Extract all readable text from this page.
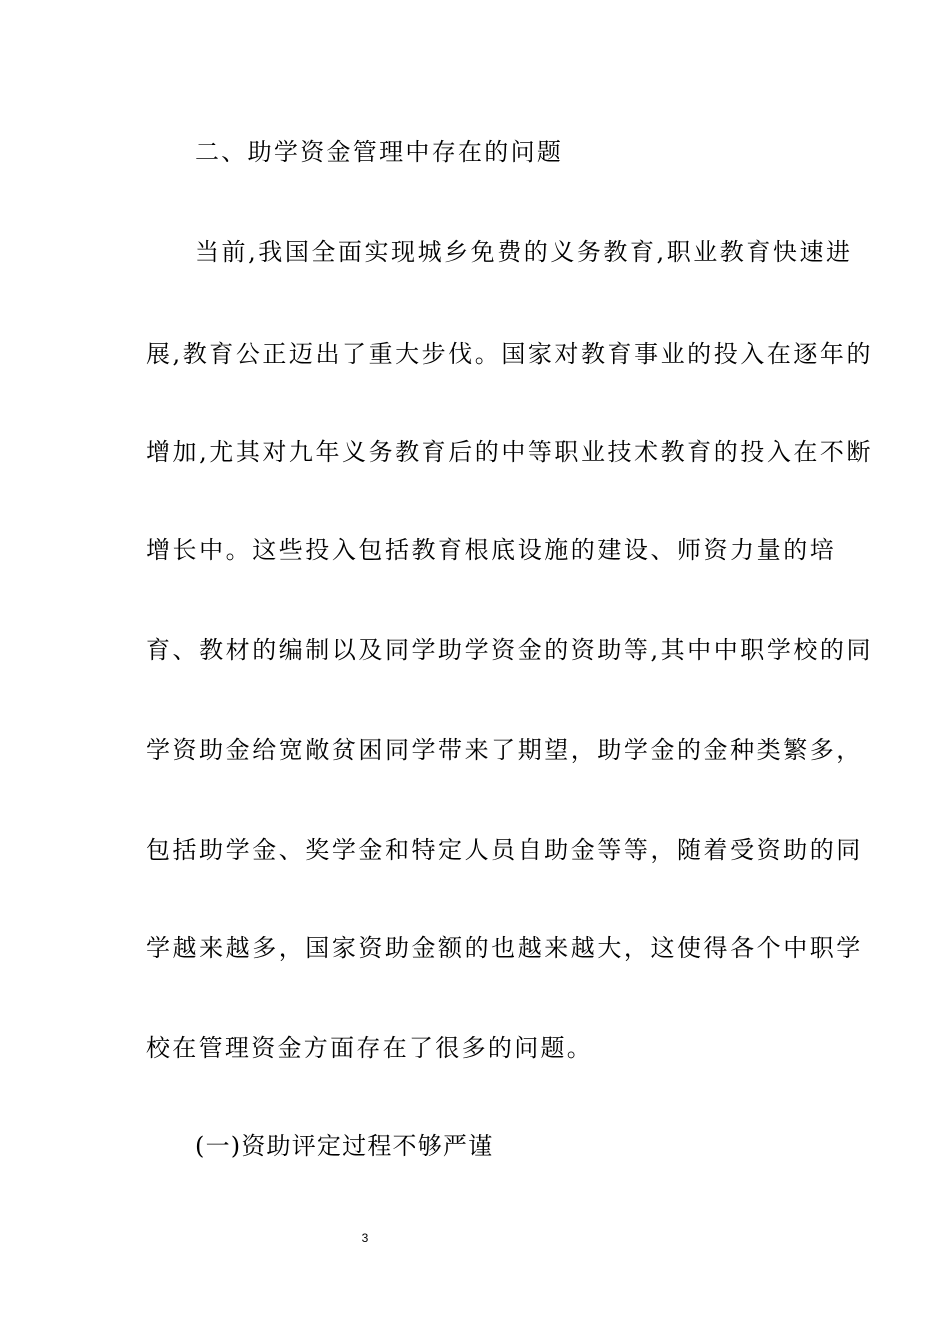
二、助学资金管理中存在的问题
当前,我国全面实现城乡免费的义务教育,职业教育快速进
展,教育公正迈出了重大步伐。国家对教育事业的投入在逐年的
增加,尤其对九年义务教育后的中等职业技术教育的投入在不断
增长中。这些投入包括教育根底设施的建设、师资力量的培
育、教材的编制以及同学助学资金的资助等,其中中职学校的同
学资助金给宽敞贫困同学带来了期望，助学金的金种类繁多，
包括助学金、奖学金和特定人员自助金等等，随着受资助的同
学越来越多，国家资助金额的也越来越大，这使得各个中职学
校在管理资金方面存在了很多的问题。
(一)资助评定过程不够严谨
3
